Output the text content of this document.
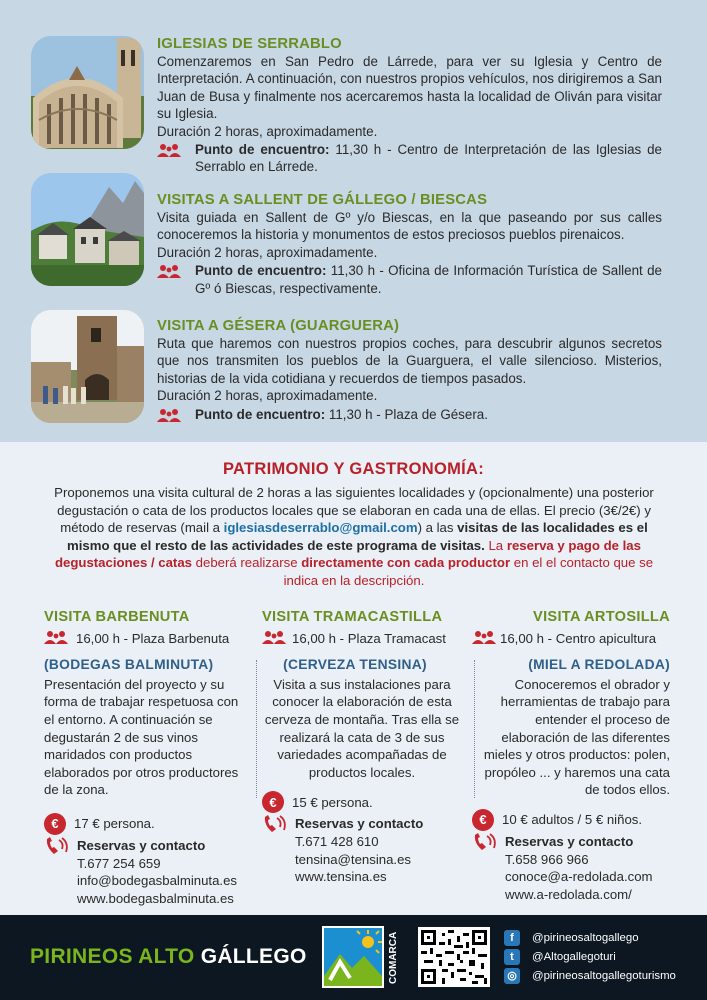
IGLESIAS DE SERRABLO
Comenzaremos en San Pedro de Lárrede, para ver su Iglesia y Centro de Interpretación. A continuación, con nuestros propios vehículos, nos dirigiremos a San Juan de Busa y finalmente nos acercaremos hasta la localidad de Oliván para visitar su Iglesia.
Duración 2 horas, aproximadamente.
Punto de encuentro: 11,30 h - Centro de Interpretación de las Iglesias de Serrablo en Lárrede.
VISITAS A SALLENT DE GÁLLEGO / BIESCAS
Visita guiada en Sallent de Gº y/o Biescas, en la que paseando por sus calles conoceremos la historia y monumentos de estos preciosos pueblos pirenaicos.
Duración 2 horas, aproximadamente.
Punto de encuentro: 11,30 h - Oficina de Información Turística de Sallent de Gº ó Biescas, respectivamente.
VISITA A GÉSERA (GUARGUERA)
Ruta que haremos con nuestros propios coches, para descubrir algunos secretos que nos transmiten los pueblos de la Guarguera, el valle silencioso. Misterios, historias de la vida cotidiana y recuerdos de tiempos pasados.
Duración 2 horas, aproximadamente.
Punto de encuentro: 11,30 h - Plaza de Gésera.
PATRIMONIO Y GASTRONOMÍA:
Proponemos una visita cultural de 2 horas a las siguientes localidades y (opcionalmente) una posterior degustación o cata de los productos locales que se elaboran en cada una de ellas. El precio (3€/2€) y método de reservas (mail a iglesiasdeserrablo@gmail.com) a las visitas de las localidades es el mismo que el resto de las actividades de este programa de visitas. La reserva y pago de las degustaciones / catas deberá realizarse directamente con cada productor en el el contacto que se indica en la descripción.
VISITA BARBENUTA
16,00 h - Plaza Barbenuta
(BODEGAS BALMINUTA)
Presentación del proyecto y su forma de trabajar respetuosa con el entorno. A continuación se degustarán 2 de sus vinos maridados con productos elaborados por otros productores de la zona.
€	17 € persona.
Reservas y contacto
T.677 254 659
info@bodegasbalminuta.es
www.bodegasbalminuta.es
VISITA TRAMACASTILLA
16,00 h - Plaza Tramacast
(CERVEZA TENSINA)
Visita a sus instalaciones para conocer la elaboración de esta cerveza de montaña. Tras ella se realizará la cata de 3 de sus variedades acompañadas de productos locales.
€	15 € persona.
Reservas y contacto
T.671 428 610
tensina@tensina.es
www.tensina.es
VISITA ARTOSILLA
16,00 h - Centro apicultura
(MIEL A REDOLADA)
Conoceremos el obrador y herramientas de trabajo para entender el proceso de elaboración de las diferentes mieles y otros productos: polen, propóleo ... y haremos una cata de todos ellos.
€	10 € adultos / 5 € niños.
Reservas y contacto
T.658 966 966
conoce@a-redolada.com
www.a-redolada.com/
PIRINEOS ALTO GÁLLEGO	COMARCA	f	@pirineosaltogallego
t	@Altogallegoturi
◎ @pirineosaltogallegoturismo
